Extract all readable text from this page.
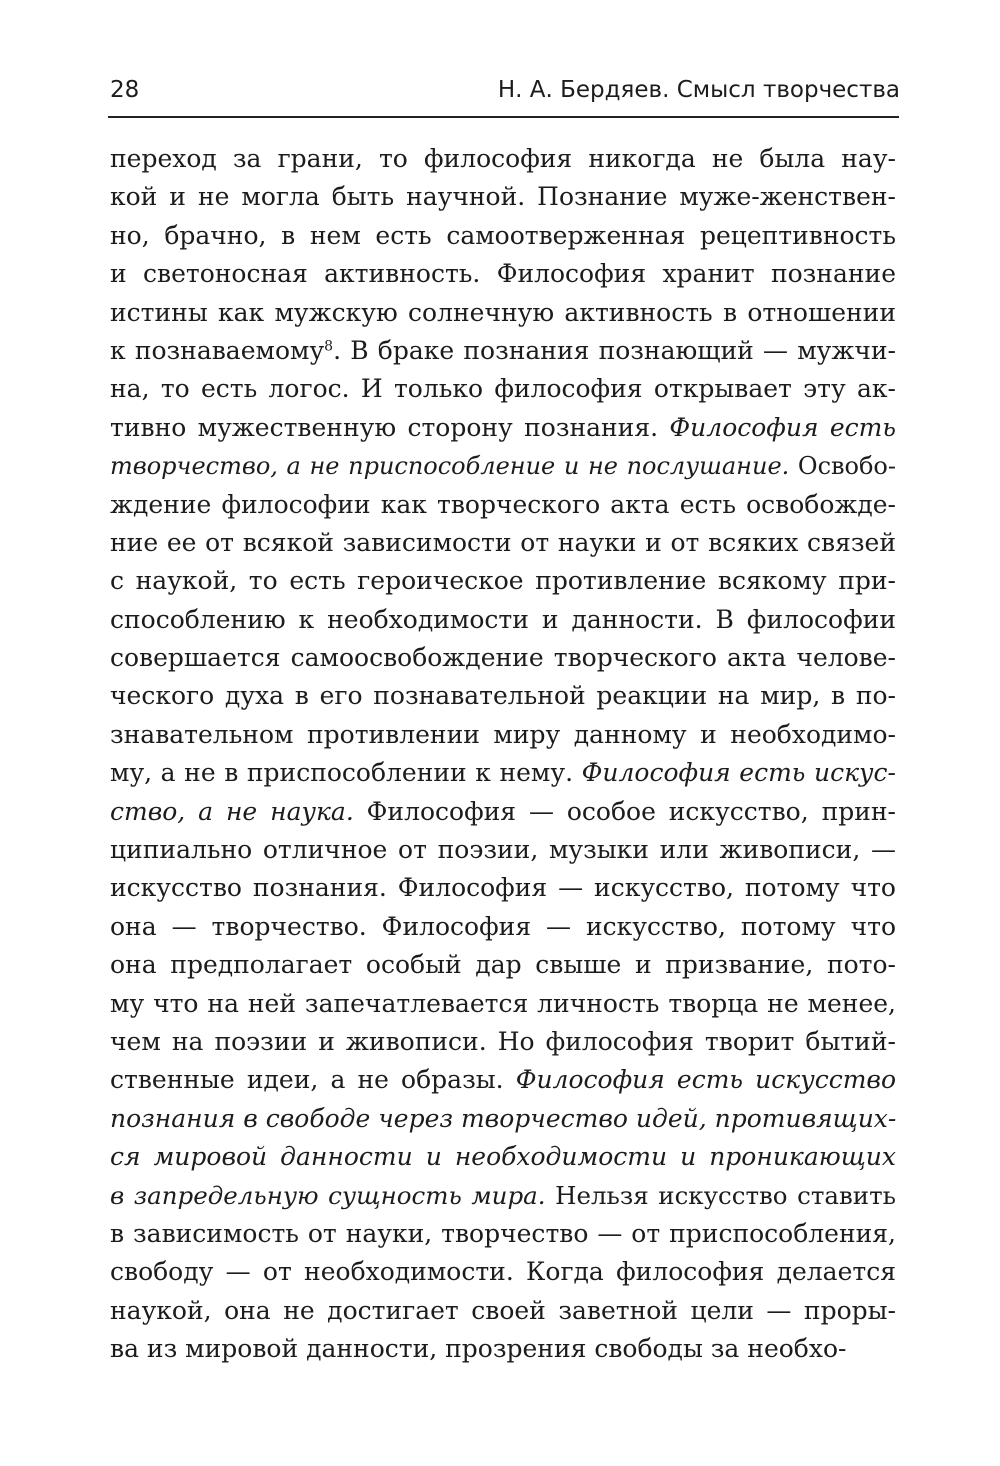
28	Н. А. Бердяев. Смысл творчества
переход за грани, то философия никогда не была нау-
кой и не могла быть научной. Познание муже-женствен-
но, брачно, в нем есть самоотверженная рецептивность
и светоносная активность. Философия хранит познание
истины как мужскую солнечную активность в отношении
к познаваемому$^8$. В браке познания познающий — мужчи-
на, то есть логос. И только философия открывает эту ак-
тивно мужественную сторону познания. Философия есть
творчество, а не приспособление и не послушание. Освобо-
ждение философии как творческого акта есть освобожде-
ние ее от всякой зависимости от науки и от всяких связей
с наукой, то есть героическое противление всякому при-
способлению к необходимости и данности. В философии
совершается самоосвобождение творческого акта челове-
ческого духа в его познавательной реакции на мир, в по-
знавательном противлении миру данному и необходимо-
му, а не в приспособлении к нему. Философия есть искус-
ство, а не наука. Философия — особое искусство, прин-
ципиально отличное от поэзии, музыки или живописи, —
искусство познания. Философия — искусство, потому что
она — творчество. Философия — искусство, потому что
она предполагает особый дар свыше и призвание, пото-
му что на ней запечатлевается личность творца не менее,
чем на поэзии и живописи. Но философия творит бытий-
ственные идеи, а не образы. Философия есть искусство
познания в свободе через творчество идей, противящих-
ся мировой данности и необходимости и проникающих
в запредельную сущность мира. Нельзя искусство ставить
в зависимость от науки, творчество — от приспособления,
свободу — от необходимости. Когда философия делается
наукой, она не достигает своей заветной цели — проры-
ва из мировой данности, прозрения свободы за необхо-
